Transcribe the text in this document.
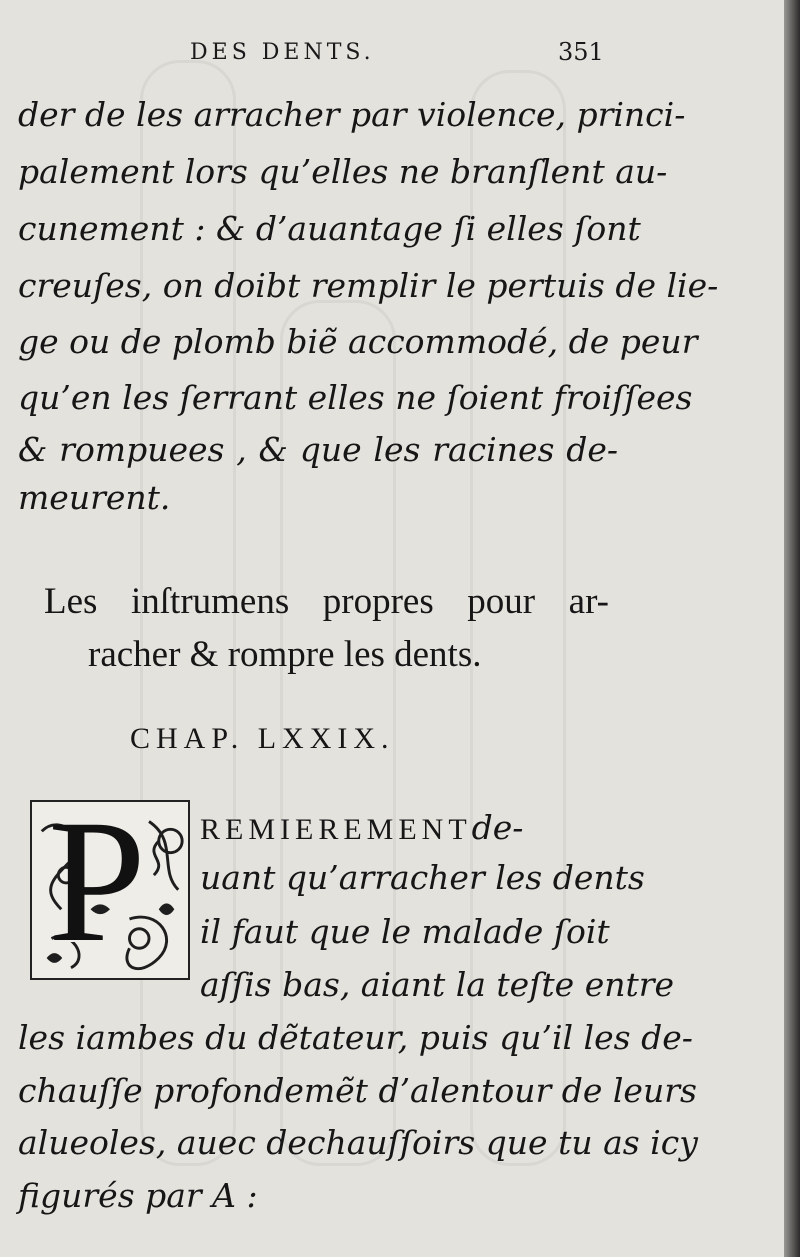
DES DENTS.	351
der de les arracher par violence, princi-
palement lors qu’elles ne branſlent au-
cunement : & d’auantage ſi elles ſont
creuſes, on doibt remplir le pertuis de lie-
ge ou de plomb biẽ accommodé, de peur
qu’en les ſerrant elles ne ſoient froiſſees
& rompuees , & que les racines de-
meurent.
Les inſtrumens propres pour ar-
racher & rompre les dents.
CHAP. LXXIX.
P REMIEREMENTde-
uant qu’arracher les dents
il faut que le malade ſoit
aſſis bas, aiant la teſte entre
les iambes du dẽtateur, puis qu’il les de-
chauſſe profondemẽt d’alentour de leurs
alueoles, auec dechauſſoirs que tu as icy
figurés par A :
